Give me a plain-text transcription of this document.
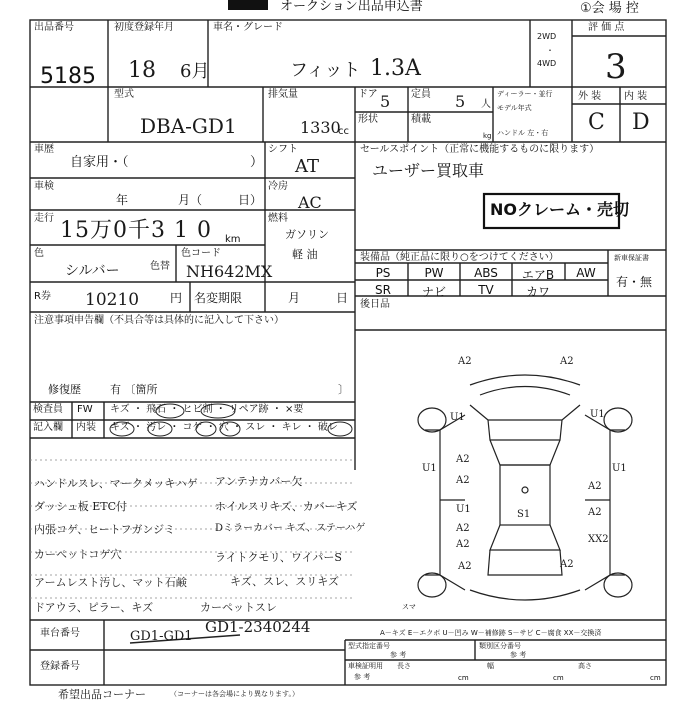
オークション出品申込書	①会 場 控
出品番号
5185
初度登録年月
18 6月
車名・グレード
フィット 1.3A
2WD
・
4WD
評 価 点
3
型式
DBA-GD1
排気量
1330
cc
ドア 5 定員 5 人
ディーラー・並行
モデル年式
形状	積載
kg ハンドル 左・右
外 装 内 装
C D
車歴
自家用・（	）
シフト
AT
車検
年	月（	日）
冷房
AC
走行 15万0千3 1 0 km
燃料
ガソリン
軽 油
色
シルバー	色替
色コード
NH642MX
R券 10210	円 名変期限	月	日
セールスポイント（正常に機能するものに限ります）
ユーザー買取車
NOクレーム・売切
装備品（純正品に限り○をつけてください）
PS	PW	ABS	エアB	AW
SR	ナビ	TV	カワ
新車保証書
有・無
後日品
注意事項申告欄（不具合等は具体的に記入して下さい）
修復歴	有 〔箇所	〕
検査員 FW キズ ・ 飛石 ・ ヒビ割 ・ リペア跡 ・ ×要
記入欄 内装 キズ ・ 汚レ ・ コゲ ・ 穴 ・ スレ ・ キレ ・ 破レ
ハンドルスレ、マークメッキハゲ
ダッシュ板 ETC付
内張コゲ、ヒートフガンジミ
カーペットコゲ穴
アームレスト汚し、マット石鹸
ドアウラ、ピラー、キズ
アンテナカバー欠
ホイルスリキズ、カバーキズ
Dミラーカバー キズ、ステーハゲ
ライトクモリ、ワイパーS
キズ、スレ、スリキズ
カーペットスレ
A2	A2
U1	U1
A2
U1	U1
U1
A2
A2
A2
A2
S1
A2
A2
XX2
A2
スマ
A－キズ E－エクボ U－凹み W－補修跡 S－サビ C－腐食 XX－交換済
車台番号	GD1-GD1
GD1-2340244
登録番号
型式指定番号
参 考
類別区分番号
参 考
車検証明用
参 考
長さ
cm
幅
cm
高さ
cm
希望出品コーナー	（コーナーは各会場により異なります。）
